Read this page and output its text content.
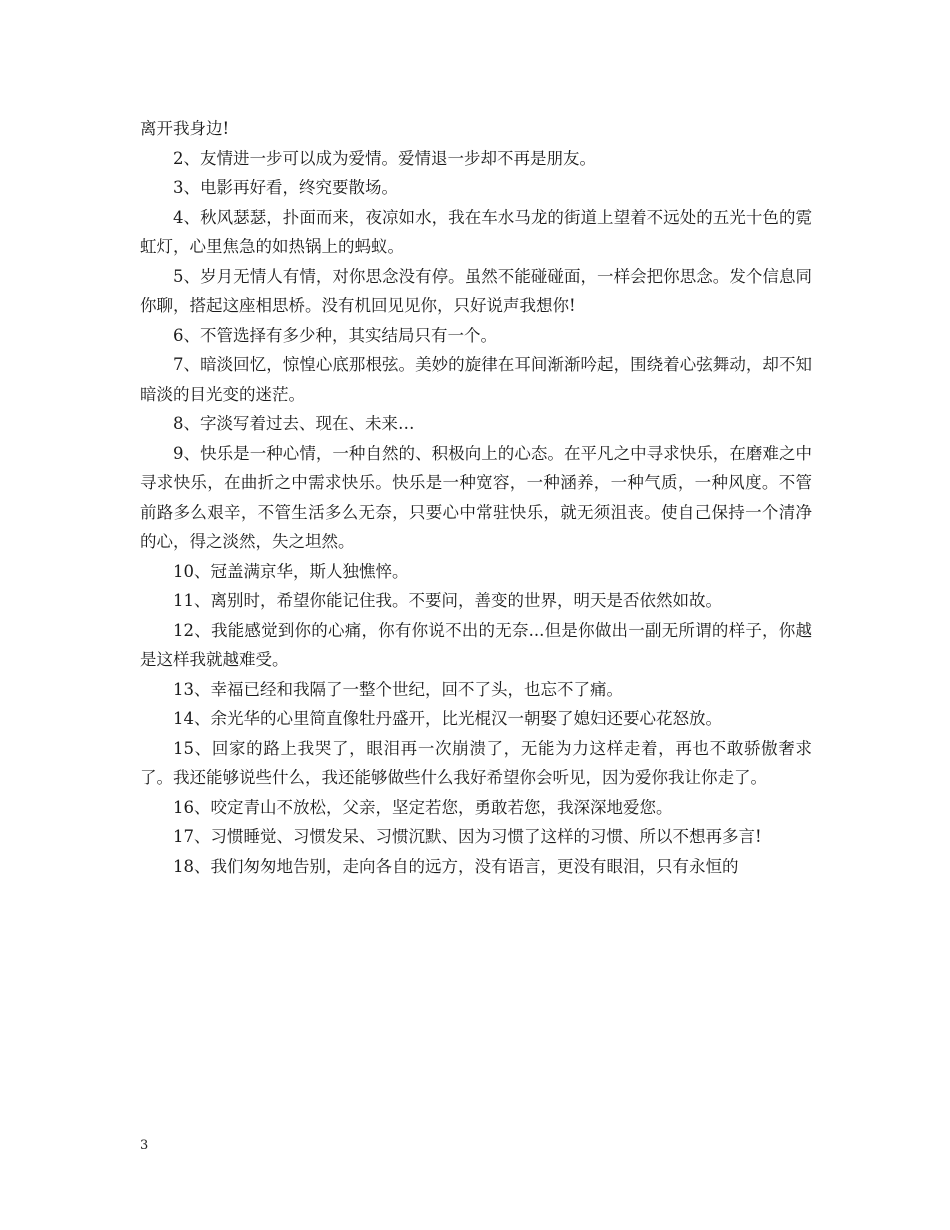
离开我身边!

2、友情进一步可以成为爱情。爱情退一步却不再是朋友。

3、电影再好看，终究要散场。

4、秋风瑟瑟，扑面而来，夜凉如水，我在车水马龙的街道上望着不远处的五光十色的霓虹灯，心里焦急的如热锅上的蚂蚁。

5、岁月无情人有情，对你思念没有停。虽然不能碰碰面，一样会把你思念。发个信息同你聊，搭起这座相思桥。没有机回见见你，只好说声我想你!

6、不管选择有多少种，其实结局只有一个。

7、暗淡回忆，惊惶心底那根弦。美妙的旋律在耳间渐渐吟起，围绕着心弦舞动，却不知暗淡的目光变的迷茫。

8、字淡写着过去、现在、未来…

9、快乐是一种心情，一种自然的、积极向上的心态。在平凡之中寻求快乐，在磨难之中寻求快乐，在曲折之中需求快乐。快乐是一种宽容，一种涵养，一种气质，一种风度。不管前路多么艰辛，不管生活多么无奈，只要心中常驻快乐，就无须沮丧。使自己保持一个清净的心，得之淡然，失之坦然。

10、冠盖满京华，斯人独憔悴。

11、离别时，希望你能记住我。不要问，善变的世界，明天是否依然如故。

12、我能感觉到你的心痛，你有你说不出的无奈...但是你做出一副无所谓的样子，你越是这样我就越难受。

13、幸福已经和我隔了一整个世纪，回不了头，也忘不了痛。

14、余光华的心里简直像牡丹盛开，比光棍汉一朝娶了媳妇还要心花怒放。

15、回家的路上我哭了，眼泪再一次崩溃了，无能为力这样走着，再也不敢骄傲奢求了。我还能够说些什么，我还能够做些什么我好希望你会听见，因为爱你我让你走了。

16、咬定青山不放松，父亲，坚定若您，勇敢若您，我深深地爱您。

17、习惯睡觉、习惯发呆、习惯沉默、因为习惯了这样的习惯、所以不想再多言!

18、我们匆匆地告别，走向各自的远方，没有语言，更没有眼泪，只有永恒的

3
